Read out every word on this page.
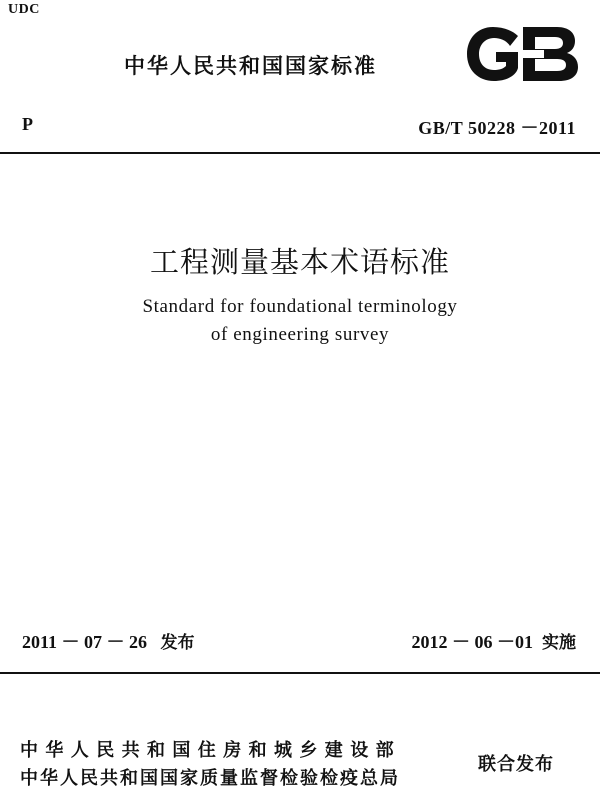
UDC
中华人民共和国国家标准
P	GB/T 50228 －2011
工程测量基本术语标准
Standard for foundational terminology
of engineering survey
2011 － 07 － 26 发布	2012 － 06 －01 实施
中华人民共和国住房和城乡建设部
中华人民共和国国家质量监督检验检疫总局
联合发布
